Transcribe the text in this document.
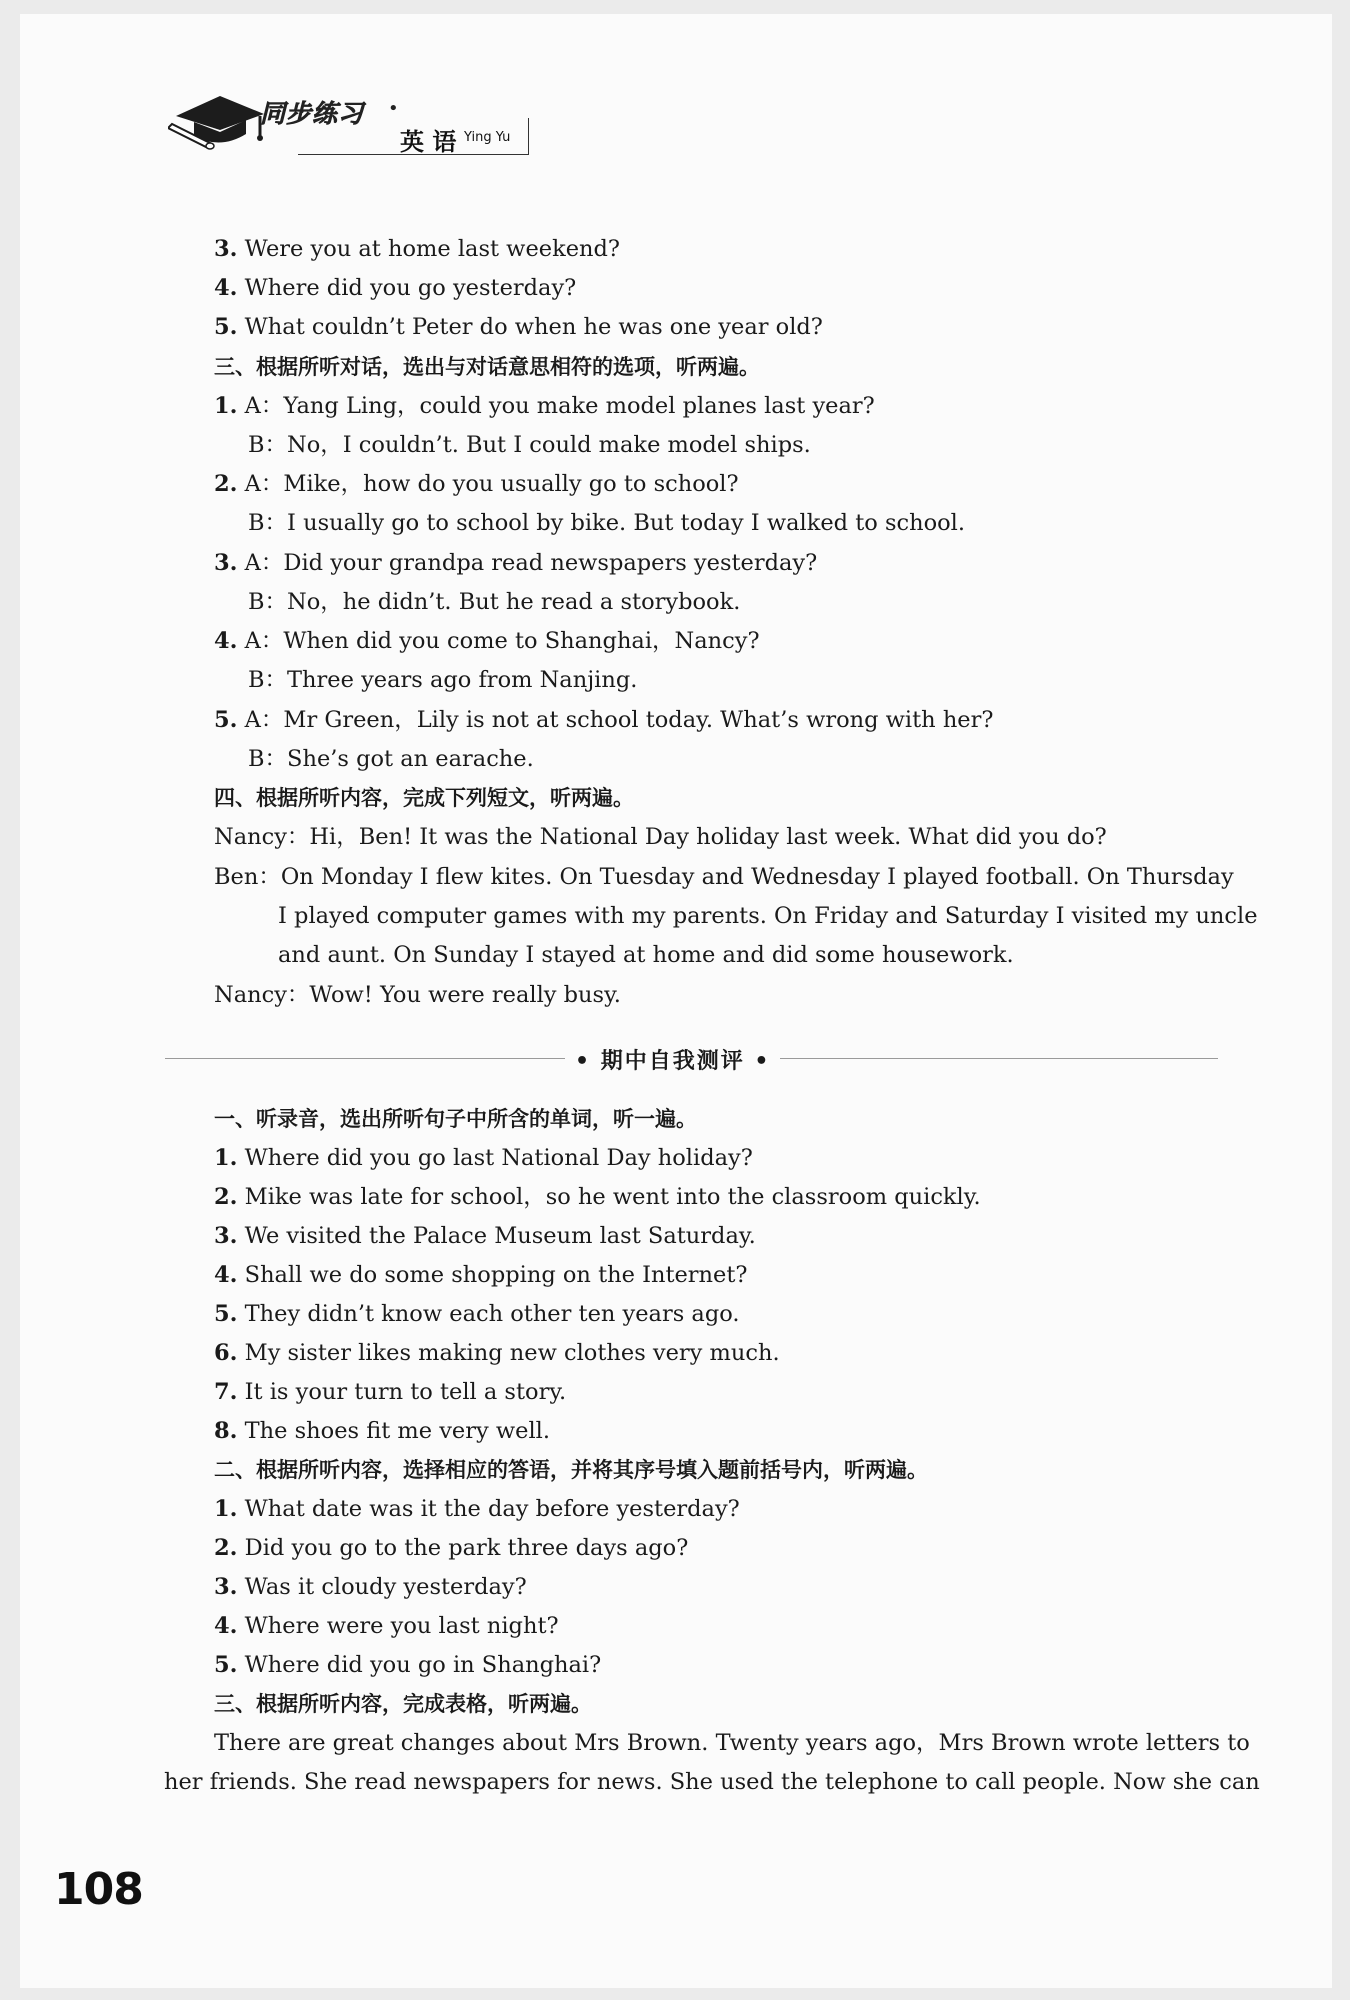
同步练习 •
英 语 Ying Yu
3. Were you at home last weekend?
4. Where did you go yesterday?
5. What couldn’t Peter do when he was one year old?
三、根据所听对话，选出与对话意思相符的选项，听两遍。
1. A：Yang Ling，could you make model planes last year?
B：No，I couldn’t. But I could make model ships.
2. A：Mike，how do you usually go to school?
B：I usually go to school by bike. But today I walked to school.
3. A：Did your grandpa read newspapers yesterday?
B：No，he didn’t. But he read a storybook.
4. A：When did you come to Shanghai，Nancy?
B：Three years ago from Nanjing.
5. A：Mr Green，Lily is not at school today. What’s wrong with her?
B：She’s got an earache.
四、根据所听内容，完成下列短文，听两遍。
Nancy：Hi，Ben! It was the National Day holiday last week. What did you do?
Ben：On Monday I flew kites. On Tuesday and Wednesday I played football. On Thursday
I played computer games with my parents. On Friday and Saturday I visited my uncle
and aunt. On Sunday I stayed at home and did some housework.
Nancy：Wow! You were really busy.
• 期中自我测评 •
一、听录音，选出所听句子中所含的单词，听一遍。
1. Where did you go last National Day holiday?
2. Mike was late for school，so he went into the classroom quickly.
3. We visited the Palace Museum last Saturday.
4. Shall we do some shopping on the Internet?
5. They didn’t know each other ten years ago.
6. My sister likes making new clothes very much.
7. It is your turn to tell a story.
8. The shoes fit me very well.
二、根据所听内容，选择相应的答语，并将其序号填入题前括号内，听两遍。
1. What date was it the day before yesterday?
2. Did you go to the park three days ago?
3. Was it cloudy yesterday?
4. Where were you last night?
5. Where did you go in Shanghai?
三、根据所听内容，完成表格，听两遍。
There are great changes about Mrs Brown. Twenty years ago，Mrs Brown wrote letters to
her friends. She read newspapers for news. She used the telephone to call people. Now she can
108
